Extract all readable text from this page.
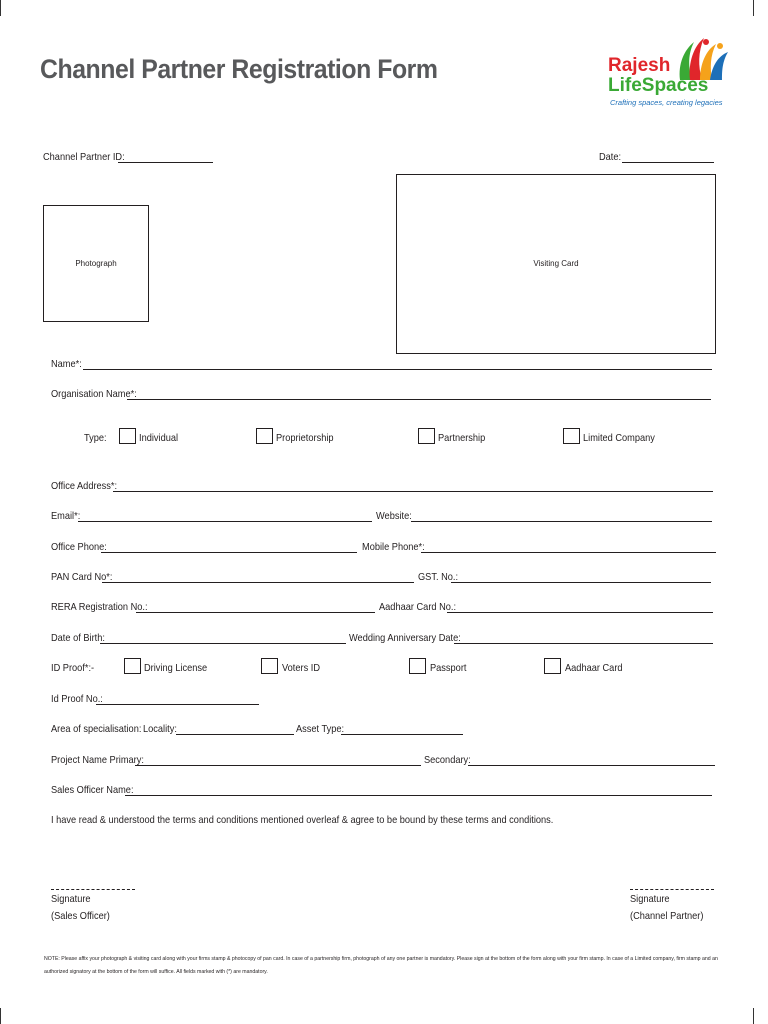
Channel Partner Registration Form	Rajesh
LifeSpaces
Crafting spaces, creating legacies
Channel Partner ID:	Date:
Photograph	Visiting Card
Name*:
Organisation Name*:
Type:	Individual	Proprietorship	Partnership	Limited Company
Office Address*:
Email*:	Website:
Office Phone:	Mobile Phone*:
PAN Card No*:	GST. No.:
RERA Registration No.:	Aadhaar Card No.:
Date of Birth:	Wedding Anniversary Date:
ID Proof*:-	Driving License	Voters ID	Passport	Aadhaar Card
Id Proof No.:
Area of specialisation: Locality:	Asset Type:
Project Name Primary:	Secondary:
Sales Officer Name:
I have read & understood the terms and conditions mentioned overleaf & agree to be bound by these terms and conditions.
Signature
(Sales Officer)
Signature
(Channel Partner)
NOTE: Please affix your photograph & visiting card along with your firms stamp & photocopy of pan card. In case of a partnership firm, photograph of any one partner is mandatory. Please sign at the bottom of the form along with your firm stamp. In case of a Limited company, firm stamp and an authorized signatory at the bottom of the form will suffice. All fields marked with (*) are mandatory.
